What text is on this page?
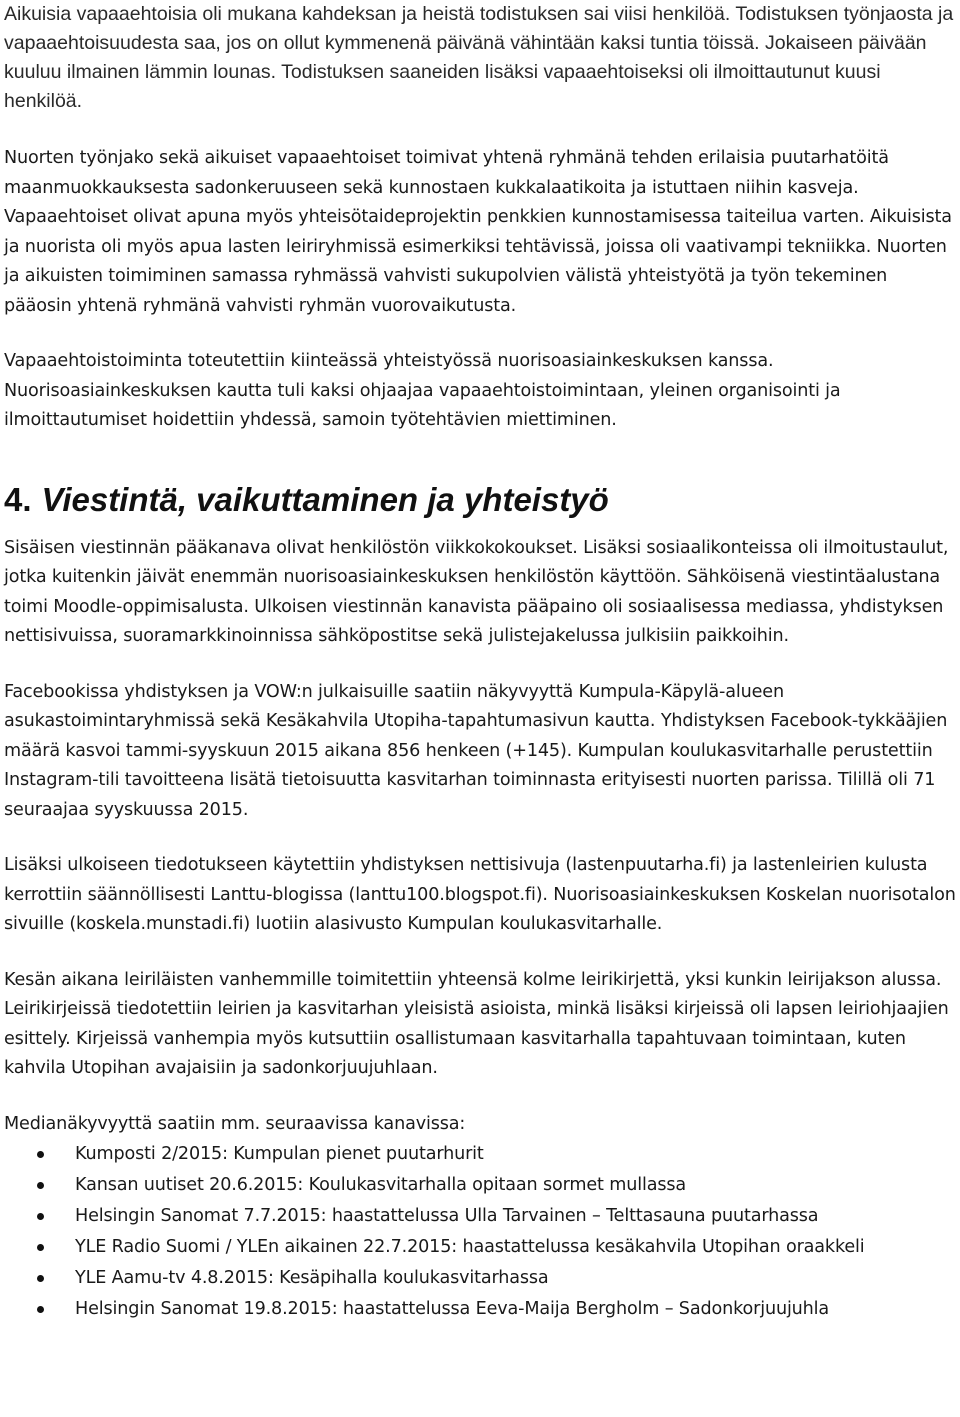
Aikuisia vapaaehtoisia oli mukana kahdeksan ja heistä todistuksen sai viisi henkilöä. Todistuksen työnjaosta ja vapaaehtoisuudesta saa, jos on ollut kymmenenä päivänä vähintään kaksi tuntia töissä. Jokaiseen päivään kuuluu ilmainen lämmin lounas. Todistuksen saaneiden lisäksi vapaaehtoiseksi oli ilmoittautunut kuusi henkilöä.

Nuorten työnjako sekä aikuiset vapaaehtoiset toimivat yhtenä ryhmänä tehden erilaisia puutarhatöitä maanmuokkauksesta sadonkeruuseen sekä kunnostaen kukkalaatikoita ja istuttaen niihin kasveja. Vapaaehtoiset olivat apuna myös yhteisötaideprojektin penkkien kunnostamisessa taiteilua varten. Aikuisista ja nuorista oli myös apua lasten leiriryhmissä esimerkiksi tehtävissä, joissa oli vaativampi tekniikka. Nuorten ja aikuisten toimiminen samassa ryhmässä vahvisti sukupolvien välistä yhteistyötä ja työn tekeminen pääosin yhtenä ryhmänä vahvisti ryhmän vuorovaikutusta.

Vapaaehtoistoiminta toteutettiin kiinteässä yhteistyössä nuorisoasiainkeskuksen kanssa. Nuorisoasiainkeskuksen kautta tuli kaksi ohjaajaa vapaaehtoistoimintaan, yleinen organisointi ja ilmoittautumiset hoidettiin yhdessä, samoin työtehtävien miettiminen.

4. Viestintä, vaikuttaminen ja yhteistyö

Sisäisen viestinnän pääkanava olivat henkilöstön viikkokokoukset. Lisäksi sosiaalikonteissa oli ilmoitustaulut, jotka kuitenkin jäivät enemmän nuorisoasiainkeskuksen henkilöstön käyttöön. Sähköisenä viestintäalustana toimi Moodle-oppimisalusta. Ulkoisen viestinnän kanavista pääpaino oli sosiaalisessa mediassa, yhdistyksen nettisivuissa, suoramarkkinoinnissa sähköpostitse sekä julistejakelussa julkisiin paikkoihin.

Facebookissa yhdistyksen ja VOW:n julkaisuille saatiin näkyvyyttä Kumpula-Käpylä-alueen asukastoimintaryhmissä sekä Kesäkahvila Utopiha-tapahtumasivun kautta. Yhdistyksen Facebook-tykkääjien määrä kasvoi tammi-syyskuun 2015 aikana 856 henkeen (+145). Kumpulan koulukasvitarhalle perustettiin Instagram-tili tavoitteena lisätä tietoisuutta kasvitarhan toiminnasta erityisesti nuorten parissa. Tilillä oli 71 seuraajaa syyskuussa 2015.

Lisäksi ulkoiseen tiedotukseen käytettiin yhdistyksen nettisivuja (lastenpuutarha.fi) ja lastenleirien kulusta kerrottiin säännöllisesti Lanttu-blogissa (lanttu100.blogspot.fi). Nuorisoasiainkeskuksen Koskelan nuorisotalon sivuille (koskela.munstadi.fi) luotiin alasivusto Kumpulan koulukasvitarhalle.

Kesän aikana leiriläisten vanhemmille toimitettiin yhteensä kolme leirikirjettä, yksi kunkin leirijakson alussa. Leirikirjeissä tiedotettiin leirien ja kasvitarhan yleisistä asioista, minkä lisäksi kirjeissä oli lapsen leiriohjaajien esittely. Kirjeissä vanhempia myös kutsuttiin osallistumaan kasvitarhalla tapahtuvaan toimintaan, kuten kahvila Utopihan avajaisiin ja sadonkorjuujuhlaan.

Medianäkyvyyttä saatiin mm. seuraavissa kanavissa:

Kumposti 2/2015: Kumpulan pienet puutarhurit
Kansan uutiset 20.6.2015: Koulukasvitarhalla opitaan sormet mullassa
Helsingin Sanomat 7.7.2015: haastattelussa Ulla Tarvainen – Telttasauna puutarhassa
YLE Radio Suomi / YLEn aikainen 22.7.2015: haastattelussa kesäkahvila Utopihan oraakkeli
YLE Aamu-tv 4.8.2015: Kesäpihalla koulukasvitarhassa
Helsingin Sanomat 19.8.2015: haastattelussa Eeva-Maija Bergholm – Sadonkorjuujuhla
